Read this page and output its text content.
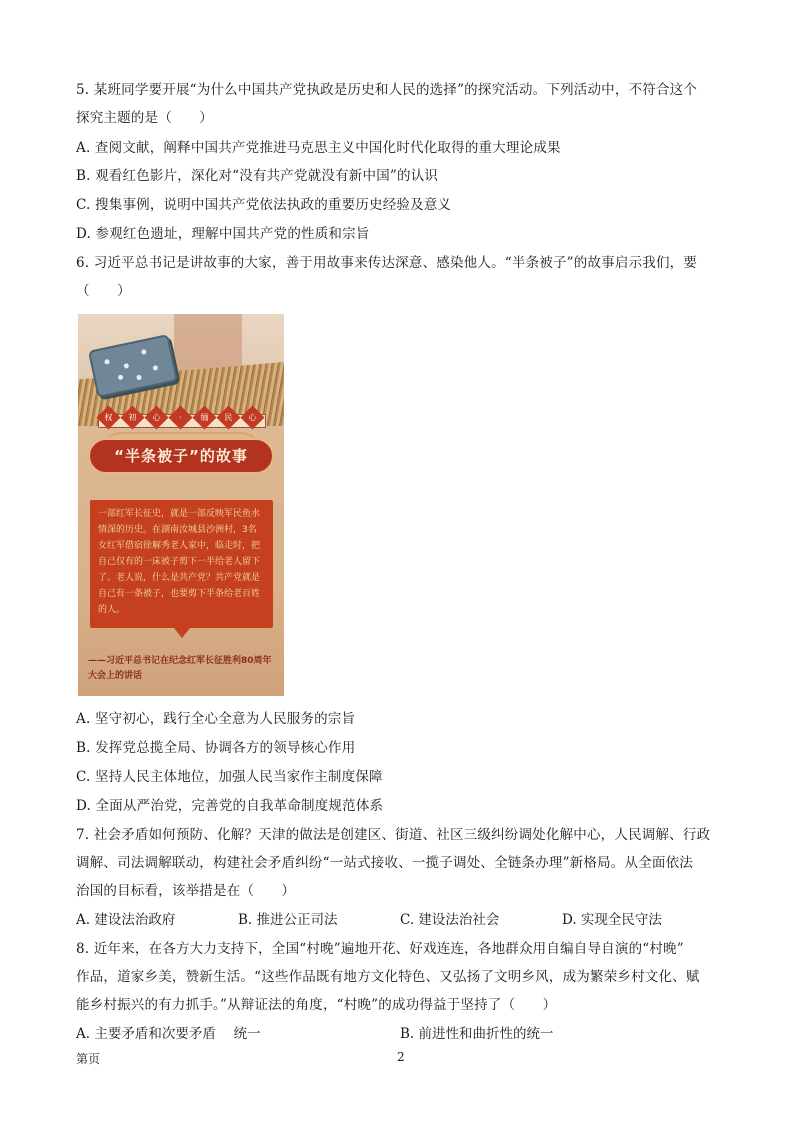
5. 某班同学要开展“为什么中国共产党执政是历史和人民的选择”的探究活动。下列活动中，不符合这个
探究主题的是（　　）
A. 查阅文献，阐释中国共产党推进马克思主义中国化时代化取得的重大理论成果
B. 观看红色影片，深化对“没有共产党就没有新中国”的认识
C. 搜集事例，说明中国共产党依法执政的重要历史经验及意义
D. 参观红色遗址，理解中国共产党的性质和宗旨
6. 习近平总书记是讲故事的大家，善于用故事来传达深意、感染他人。“半条被子”的故事启示我们，要
（　　）
权	初	心	·	缅	民	心
“半条被子”的故事
一部红军长征史，就是一部反映军民鱼水情深的历史。在湖南汝城县沙洲村，3名女红军借宿徐解秀老人家中，临走时，把自己仅有的一床被子剪下一半给老人留下了。老人说，什么是共产党？共产党就是自己有一条被子，也要剪下半条给老百姓的人。
——习近平总书记在纪念红军长征胜利80周年大会上的讲话
A. 坚守初心，践行全心全意为人民服务的宗旨
B. 发挥党总揽全局、协调各方的领导核心作用
C. 坚持人民主体地位，加强人民当家作主制度保障
D. 全面从严治党，完善党的自我革命制度规范体系
7. 社会矛盾如何预防、化解？天津的做法是创建区、街道、社区三级纠纷调处化解中心，人民调解、行政
调解、司法调解联动，构建社会矛盾纠纷“一站式接收、一揽子调处、全链条办理”新格局。从全面依法
治国的目标看，该举措是在（　　）
A. 建设法治政府	B. 推进公正司法	C. 建设法治社会	D. 实现全民守法
8. 近年来，在各方大力支持下，全国“村晚”遍地开花、好戏连连，各地群众用自编自导自演的“村晚”
作品，道家乡美，赞新生活。“这些作品既有地方文化特色、又弘扬了文明乡风，成为繁荣乡村文化、赋
能乡村振兴的有力抓手。”从辩证法的角度，“村晚”的成功得益于坚持了（　　）
A. 主要矛盾和次要矛盾　 统一	B. 前进性和曲折性的统一
第页	2
